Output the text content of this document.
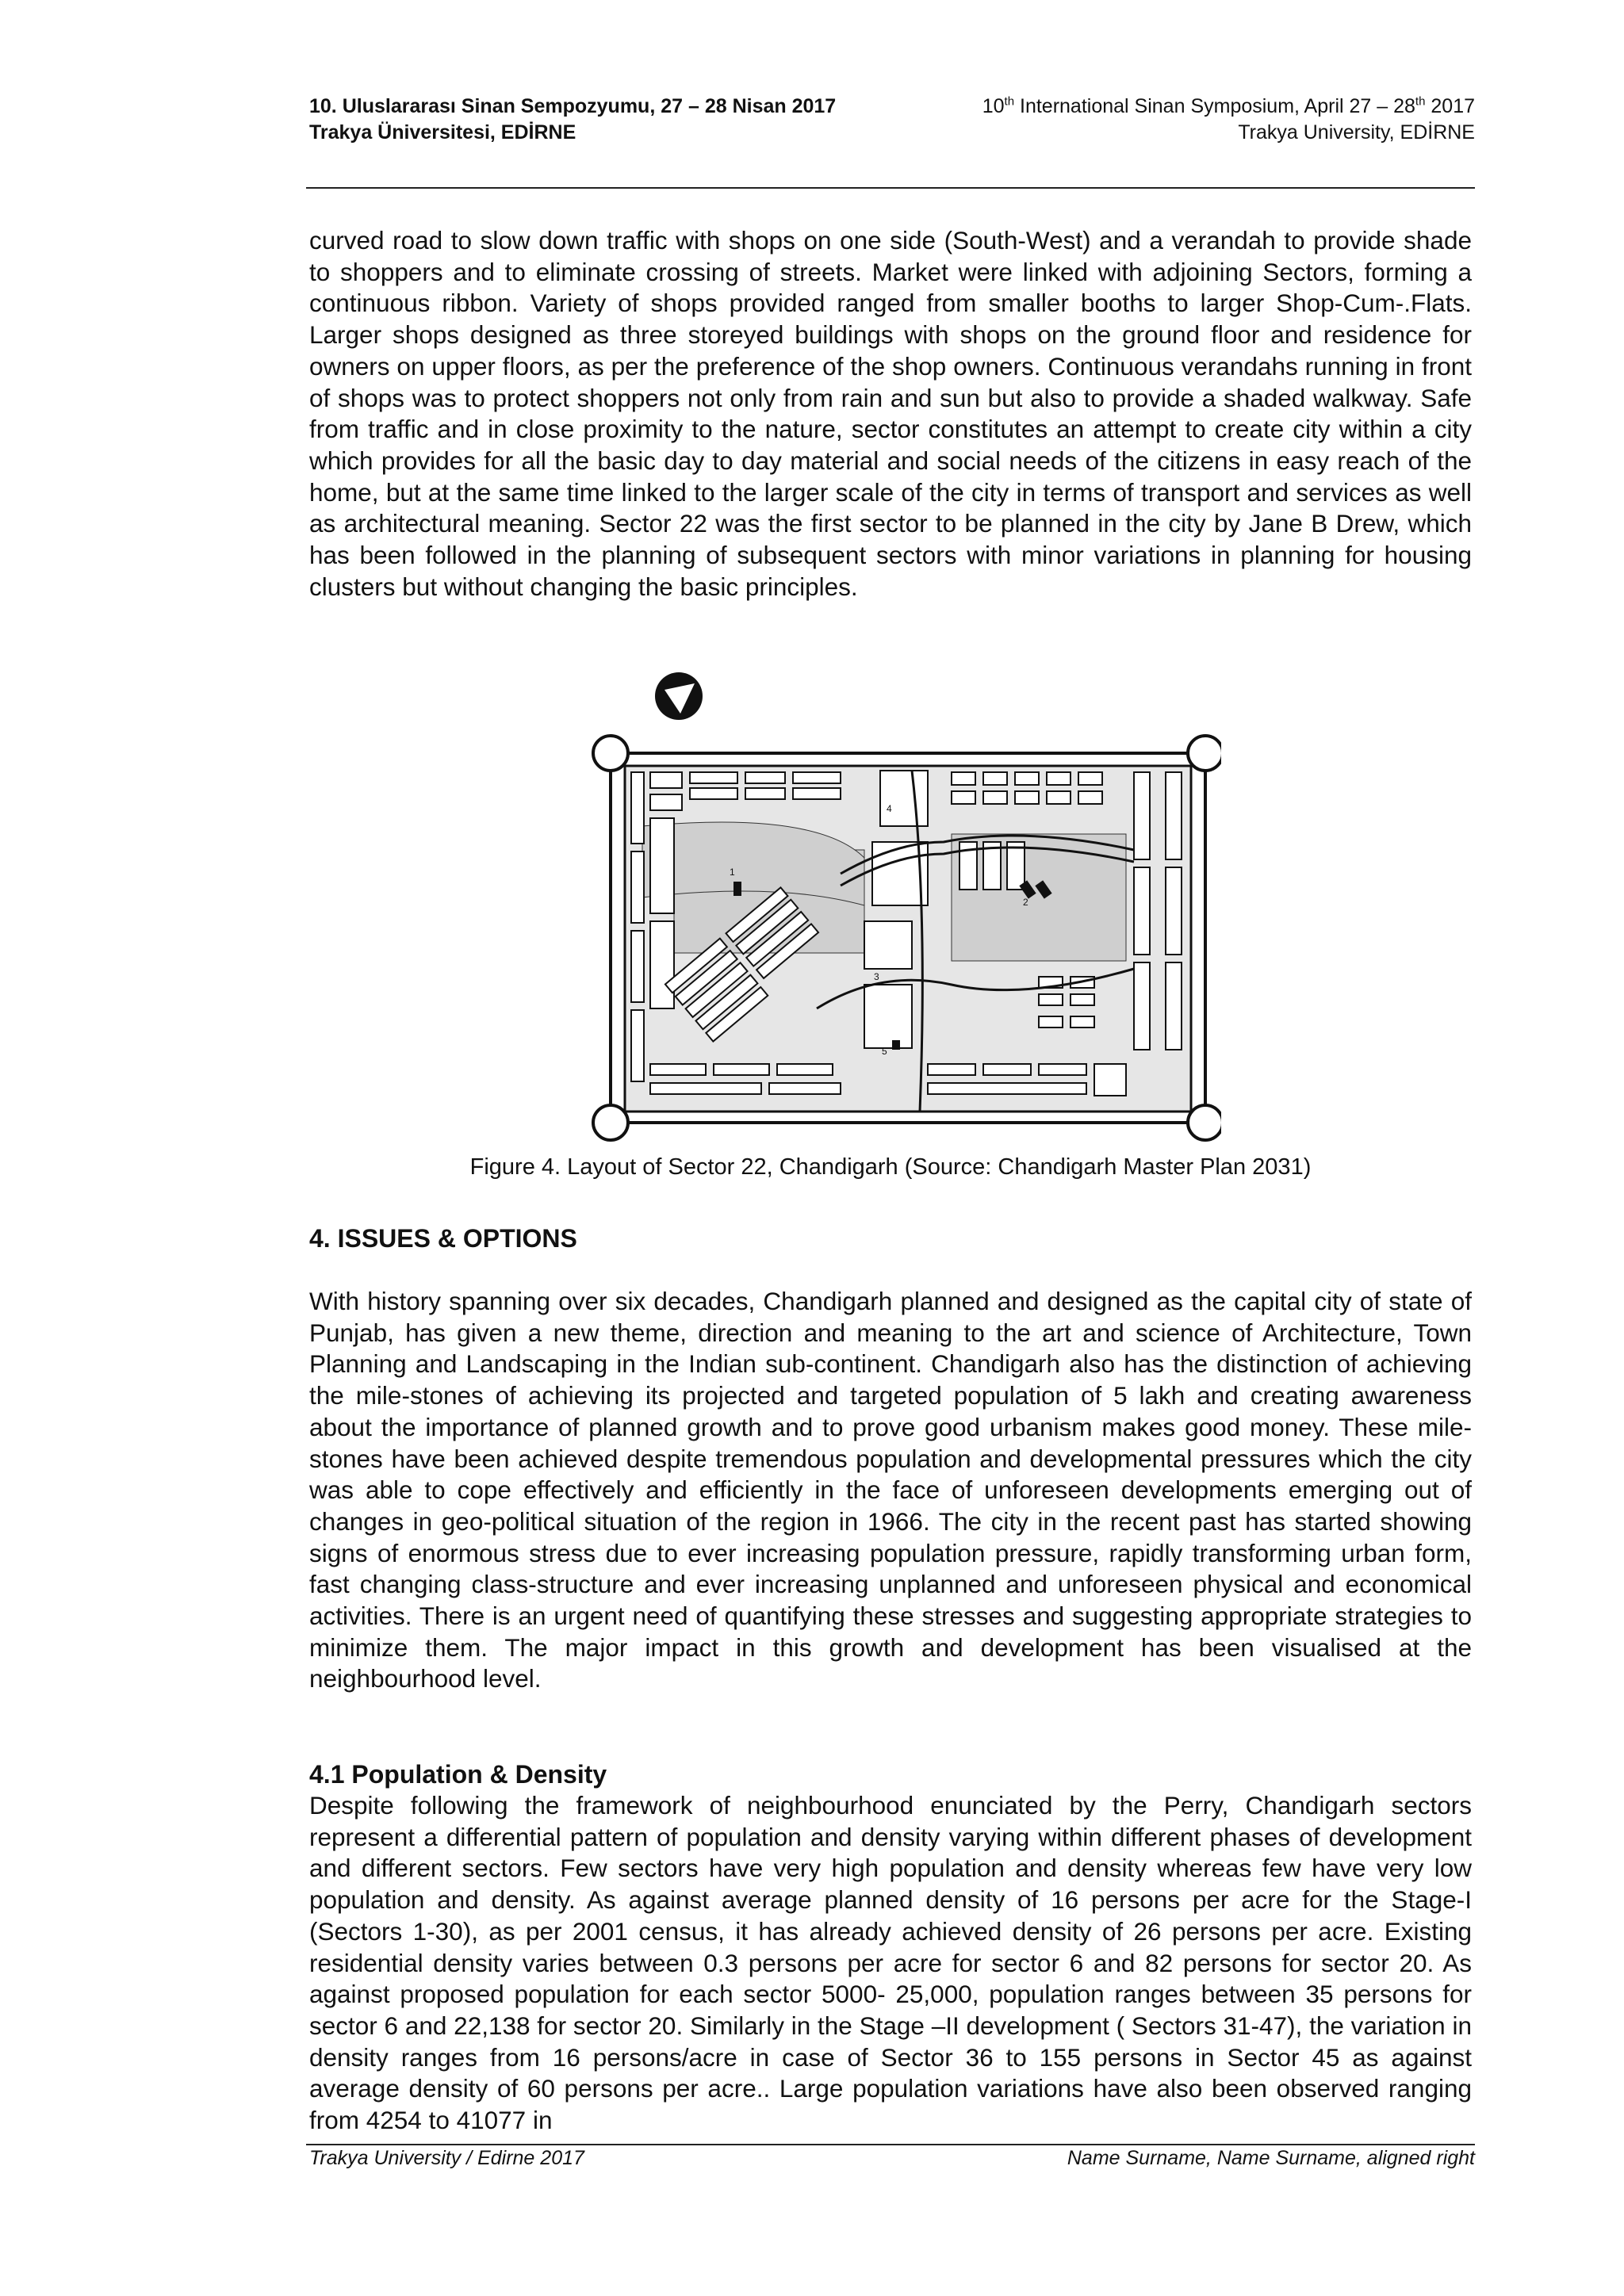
10. Uluslararası Sinan Sempozyumu, 27 – 28 Nisan 2017
Trakya Üniversitesi, EDİRNE
10th International Sinan Symposium, April 27 – 28th 2017
Trakya University, EDİRNE

curved road to slow down traffic with shops on one side (South-West) and a verandah to provide shade to shoppers and to eliminate crossing of streets. Market were linked with adjoining Sectors, forming a continuous ribbon. Variety of shops provided ranged from smaller booths to larger Shop-Cum-.Flats. Larger shops designed as three storeyed buildings with shops on the ground floor and residence for owners on upper floors, as per the preference of the shop owners. Continuous verandahs running in front of shops was to protect shoppers not only from rain and sun but also to provide a shaded walkway. Safe from traffic and in close proximity to the nature, sector constitutes an attempt to create city within a city which provides for all the basic day to day material and social needs of the citizens in easy reach of the home, but at the same time linked to the larger scale of the city in terms of transport and services as well as architectural meaning. Sector 22 was the first sector to be planned in the city by Jane B Drew, which has been followed in the planning of subsequent sectors with minor variations in planning for housing clusters but without changing the basic principles.

1
2
3
4
5
Figure 4. Layout of Sector 22, Chandigarh (Source: Chandigarh Master Plan 2031)
4. ISSUES & OPTIONS

With history spanning over six decades, Chandigarh planned and designed as the capital city of state of Punjab, has given a new theme, direction and meaning to the art and science of Architecture, Town Planning and Landscaping in the Indian sub-continent. Chandigarh also has the distinction of achieving the mile-stones of achieving its projected and targeted population of 5 lakh and creating awareness about the importance of planned growth and to prove good urbanism makes good money. These mile-stones have been achieved despite tremendous population and developmental pressures which the city was able to cope effectively and efficiently in the face of unforeseen developments emerging out of changes in geo-political situation of the region in 1966. The city in the recent past has started showing signs of enormous stress due to ever increasing population pressure, rapidly transforming urban form, fast changing class-structure and ever increasing unplanned and unforeseen physical and economical activities. There is an urgent need of quantifying these stresses and suggesting appropriate strategies to minimize them. The major impact in this growth and development has been visualised at the neighbourhood level.

4.1 Population & Density

Despite following the framework of neighbourhood enunciated by the Perry, Chandigarh sectors represent a differential pattern of population and density varying within different phases of development and different sectors. Few sectors have very high population and density whereas few have very low population and density. As against average planned density of 16 persons per acre for the Stage-I (Sectors 1-30), as per 2001 census, it has already achieved density of 26 persons per acre. Existing residential density varies between 0.3 persons per acre for sector 6 and 82 persons for sector 20. As against proposed population for each sector 5000- 25,000, population ranges between 35 persons for sector 6 and 22,138 for sector 20. Similarly in the Stage –II development ( Sectors 31-47), the variation in density ranges from 16 persons/acre in case of Sector 36 to 155 persons in Sector 45 as against average density of 60 persons per acre.. Large population variations have also been observed ranging from 4254 to 41077 in

Trakya University / Edirne 2017	Name Surname, Name Surname, aligned right
